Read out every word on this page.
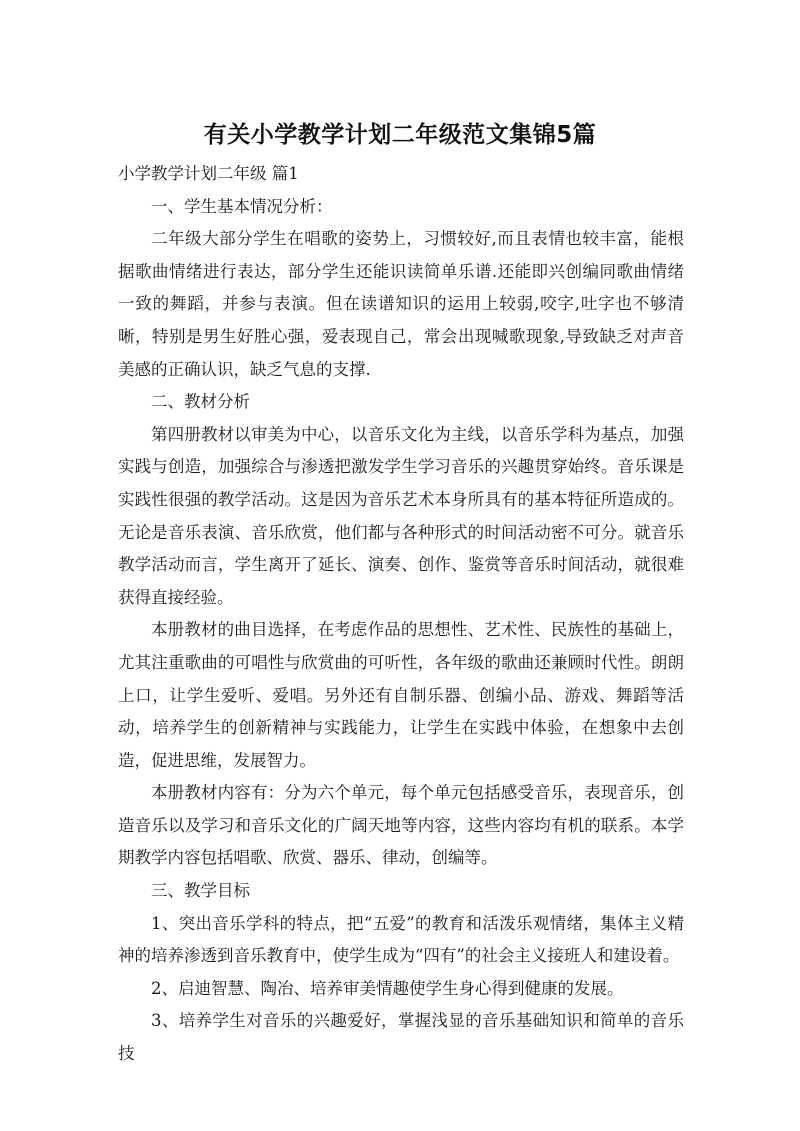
有关小学教学计划二年级范文集锦5篇

小学教学计划二年级 篇1

一、学生基本情况分析：

二年级大部分学生在唱歌的姿势上，习惯较好,而且表情也较丰富，能根据歌曲情绪进行表达，部分学生还能识读简单乐谱.还能即兴创编同歌曲情绪一致的舞蹈，并参与表演。但在读谱知识的运用上较弱,咬字,吐字也不够清晰，特别是男生好胜心强，爱表现自己，常会出现喊歌现象,导致缺乏对声音美感的正确认识，缺乏气息的支撑.

二、教材分析

第四册教材以审美为中心，以音乐文化为主线，以音乐学科为基点，加强实践与创造，加强综合与渗透把激发学生学习音乐的兴趣贯穿始终。音乐课是实践性很强的教学活动。这是因为音乐艺术本身所具有的基本特征所造成的。无论是音乐表演、音乐欣赏，他们都与各种形式的时间活动密不可分。就音乐教学活动而言，学生离开了延长、演奏、创作、鉴赏等音乐时间活动，就很难获得直接经验。

本册教材的曲目选择，在考虑作品的思想性、艺术性、民族性的基础上，尤其注重歌曲的可唱性与欣赏曲的可听性，各年级的歌曲还兼顾时代性。朗朗上口，让学生爱听、爱唱。另外还有自制乐器、创编小品、游戏、舞蹈等活动，培养学生的创新精神与实践能力，让学生在实践中体验，在想象中去创造，促进思维，发展智力。

本册教材内容有：分为六个单元，每个单元包括感受音乐，表现音乐，创造音乐以及学习和音乐文化的广阔天地等内容，这些内容均有机的联系。本学期教学内容包括唱歌、欣赏、器乐、律动，创编等。

三、教学目标

1、突出音乐学科的特点，把“五爱”的教育和活泼乐观情绪，集体主义精神的培养渗透到音乐教育中，使学生成为“四有”的社会主义接班人和建设着。

2、启迪智慧、陶冶、培养审美情趣使学生身心得到健康的发展。

3、培养学生对音乐的兴趣爱好，掌握浅显的音乐基础知识和简单的音乐技
